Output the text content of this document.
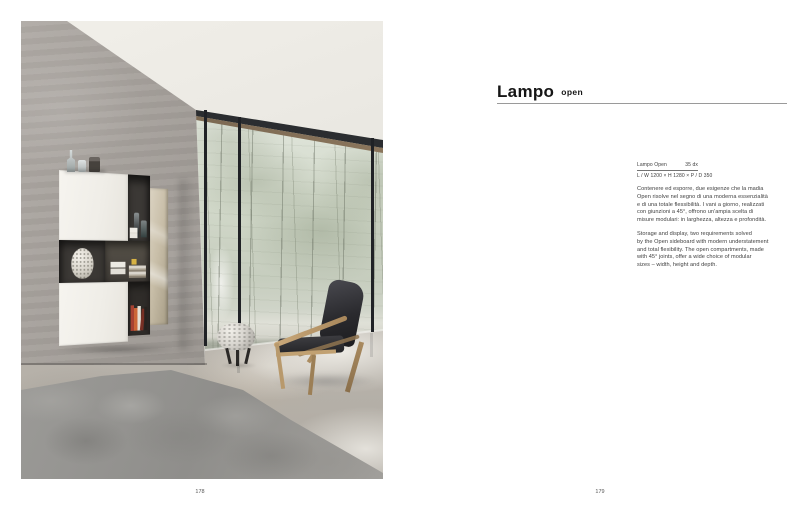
Lampo open
Lampo Open	35 dx
L / W 1200 × H 1280 × P / D 350
Contenere ed esporre, due esigenze che la madia
Open risolve nel segno di una moderna essenzialità
e di una totale flessibilità. I vani a giorno, realizzati
con giunzioni a 45°, offrono un'ampia scelta di
misure modulari: in larghezza, altezza e profondità.
Storage and display, two requirements solved
by the Open sideboard with modern understatement
and total flexibility. The open compartments, made
with 45° joints, offer a wide choice of modular
sizes – width, height and depth.
178	179
